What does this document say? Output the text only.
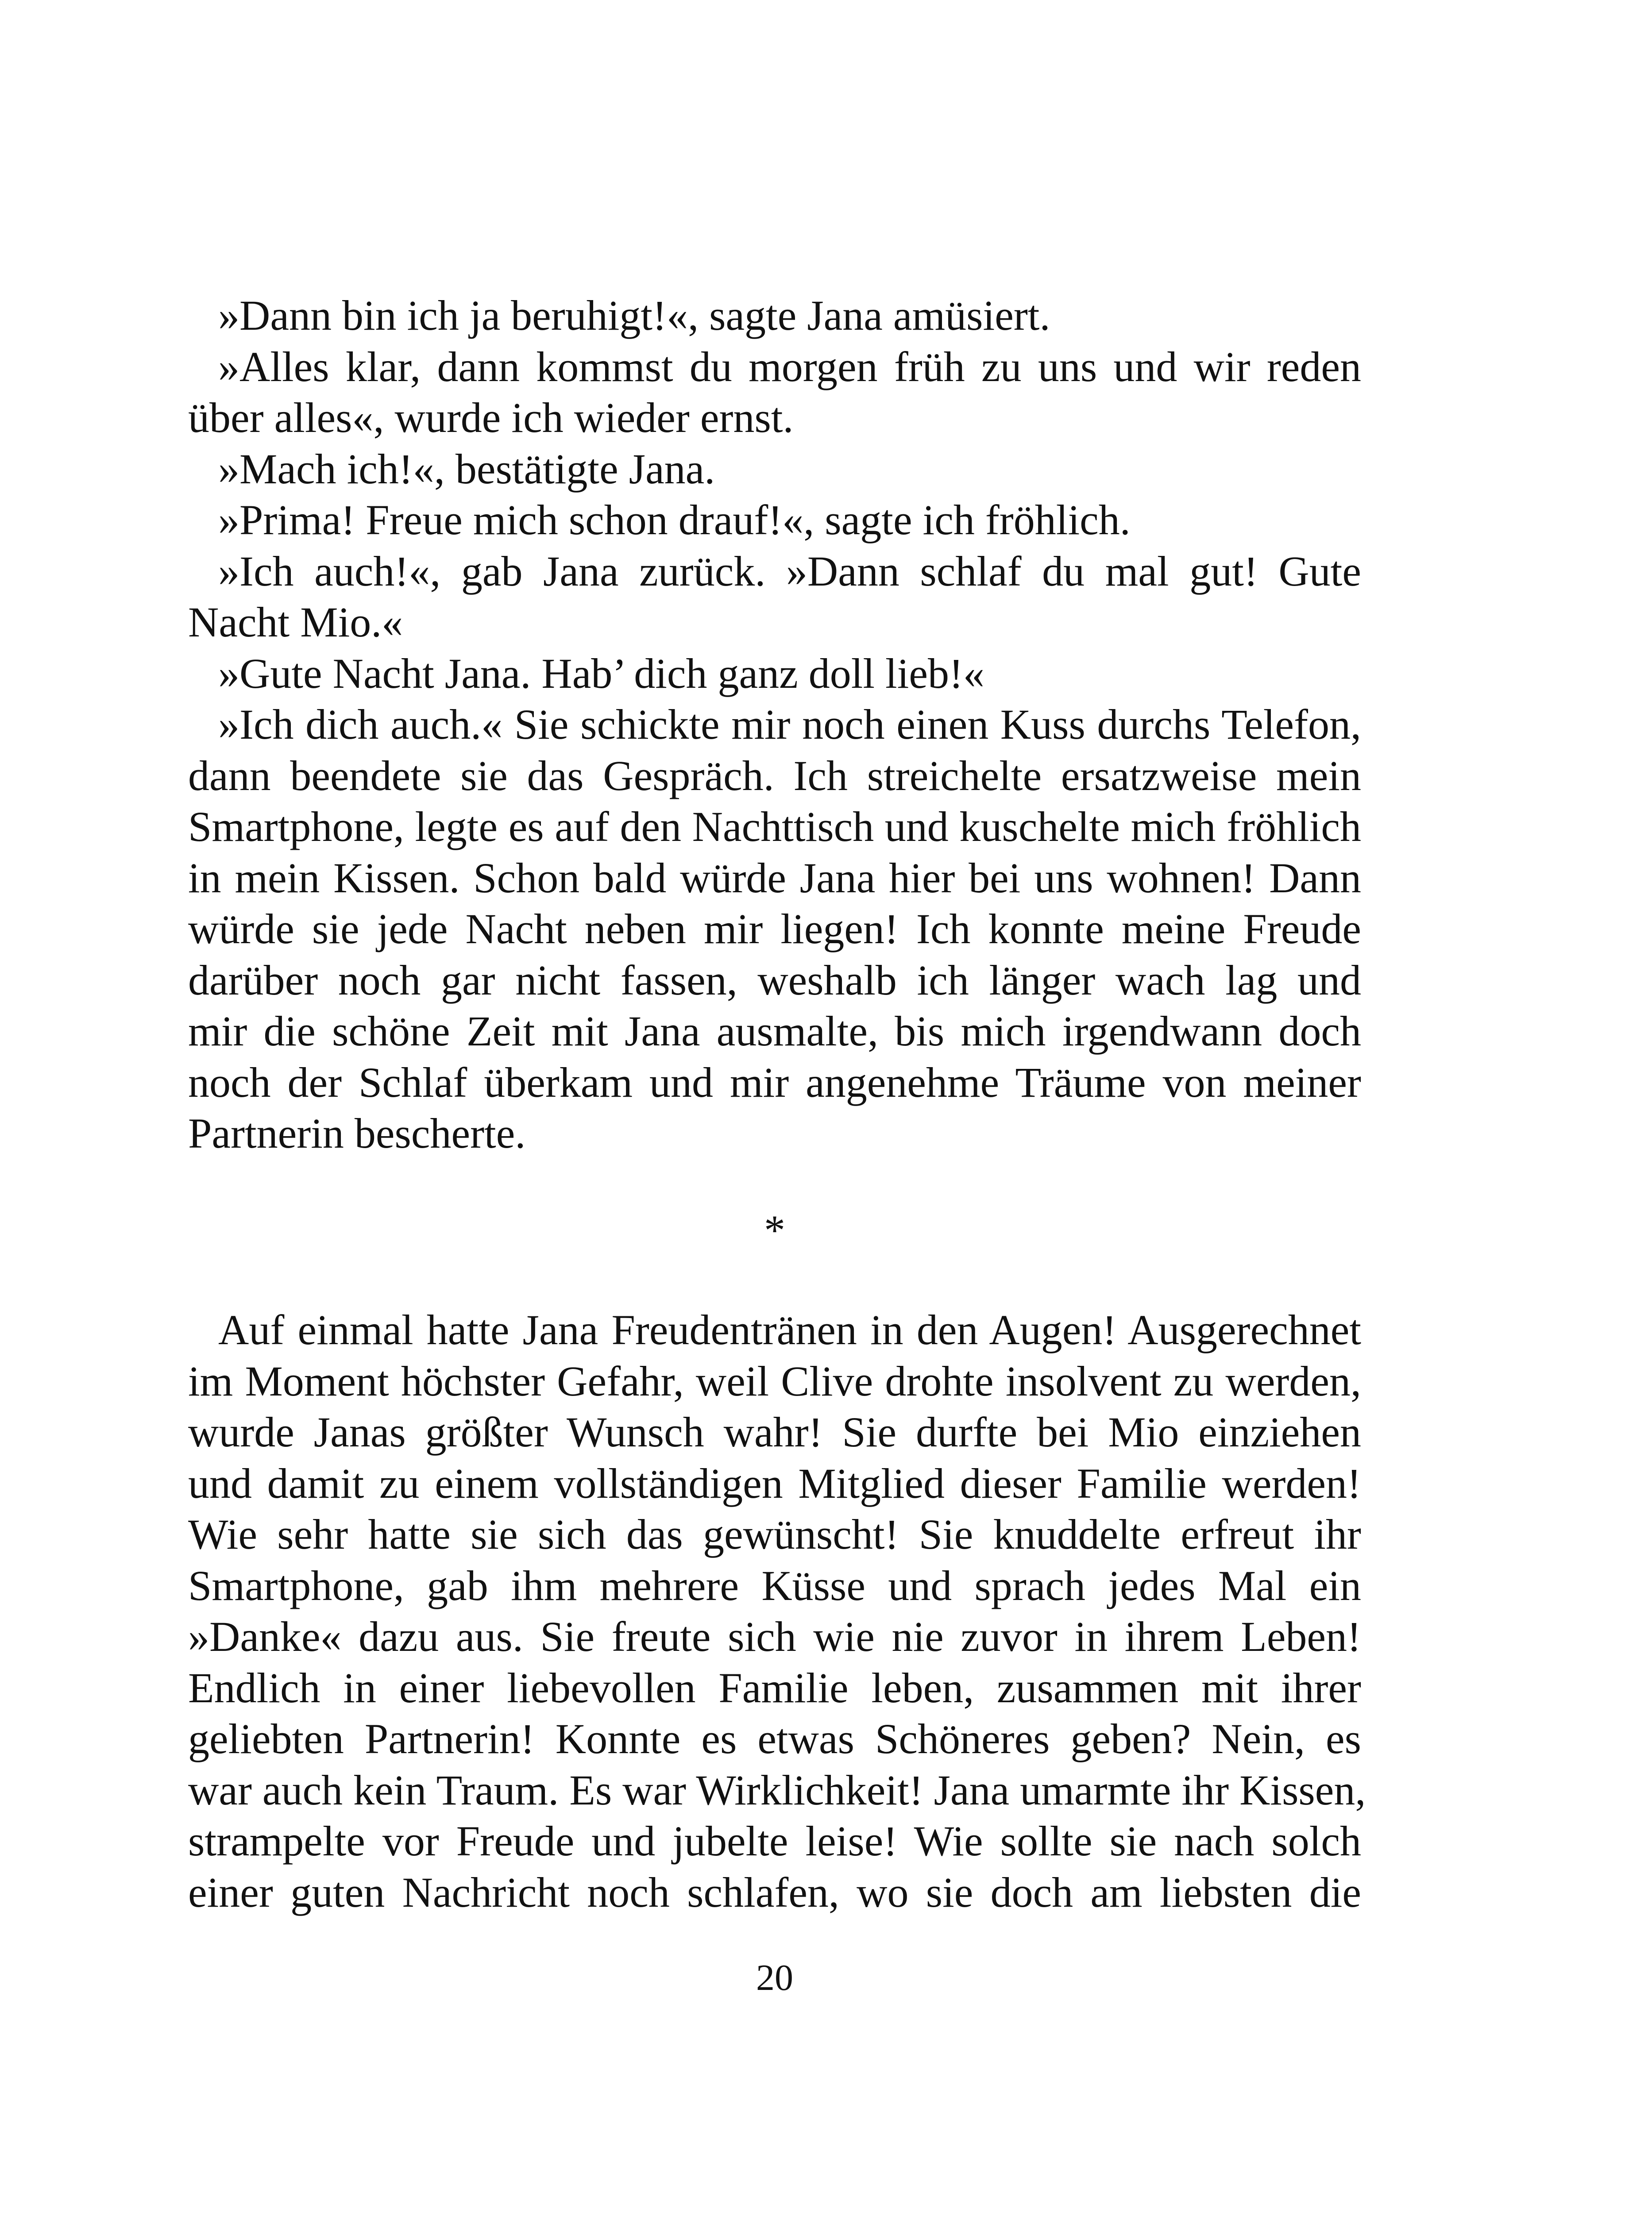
»Dann bin ich ja beruhigt!«, sagte Jana amüsiert.
»Alles klar, dann kommst du morgen früh zu uns und wir reden
über alles«, wurde ich wieder ernst.
»Mach ich!«, bestätigte Jana.
»Prima! Freue mich schon drauf!«, sagte ich fröhlich.
»Ich auch!«, gab Jana zurück. »Dann schlaf du mal gut! Gute
Nacht Mio.«
»Gute Nacht Jana. Hab’ dich ganz doll lieb!«
»Ich dich auch.« Sie schickte mir noch einen Kuss durchs Telefon,
dann beendete sie das Gespräch. Ich streichelte ersatzweise mein
Smartphone, legte es auf den Nachttisch und kuschelte mich fröhlich
in mein Kissen. Schon bald würde Jana hier bei uns wohnen! Dann
würde sie jede Nacht neben mir liegen! Ich konnte meine Freude
darüber noch gar nicht fassen, weshalb ich länger wach lag und
mir die schöne Zeit mit Jana ausmalte, bis mich irgendwann doch
noch der Schlaf überkam und mir angenehme Träume von meiner
Partnerin bescherte.
*
Auf einmal hatte Jana Freudentränen in den Augen! Ausgerechnet
im Moment höchster Gefahr, weil Clive drohte insolvent zu werden,
wurde Janas größter Wunsch wahr! Sie durfte bei Mio einziehen
und damit zu einem vollständigen Mitglied dieser Familie werden!
Wie sehr hatte sie sich das gewünscht! Sie knuddelte erfreut ihr
Smartphone, gab ihm mehrere Küsse und sprach jedes Mal ein
»Danke« dazu aus. Sie freute sich wie nie zuvor in ihrem Leben!
Endlich in einer liebevollen Familie leben, zusammen mit ihrer
geliebten Partnerin! Konnte es etwas Schöneres geben? Nein, es
war auch kein Traum. Es war Wirklichkeit! Jana umarmte ihr Kissen,
strampelte vor Freude und jubelte leise! Wie sollte sie nach solch
einer guten Nachricht noch schlafen, wo sie doch am liebsten die
20
